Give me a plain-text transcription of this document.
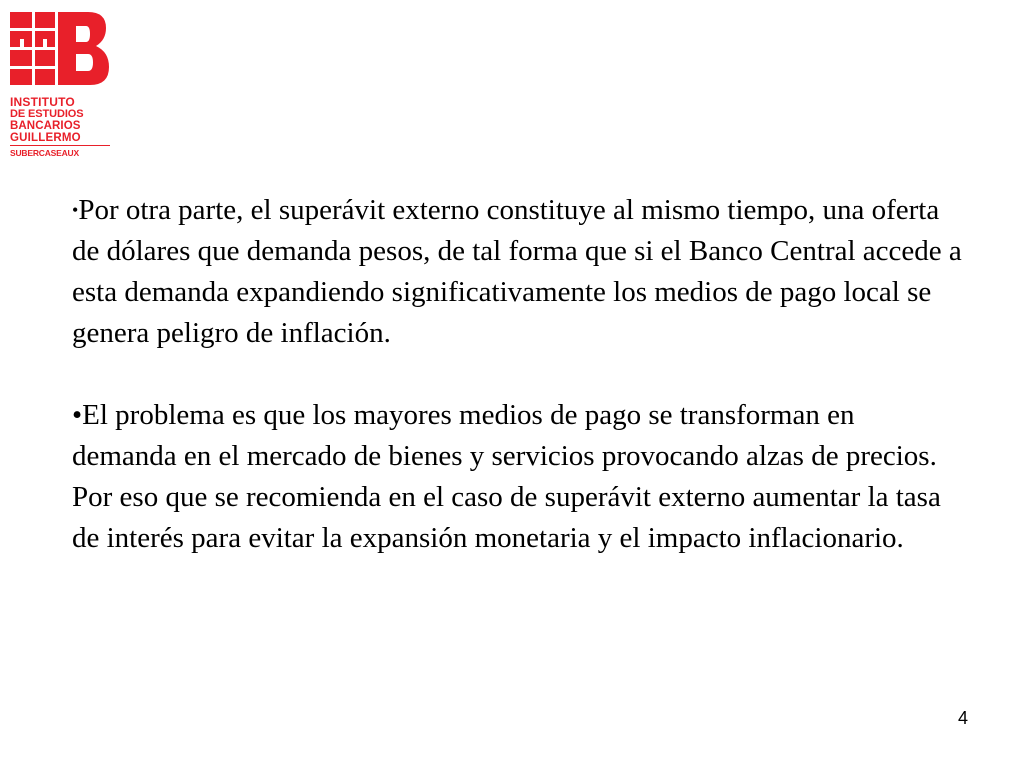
INSTITUTO
DE ESTUDIOS
BANCARIOS
GUILLERMO
SUBERCASEAUX

•Por otra parte, el superávit externo constituye al mismo tiempo, una oferta de dólares que demanda pesos, de tal forma que si el Banco Central accede a esta demanda expandiendo significativamente los medios de pago local se genera peligro de inflación.

•El problema es que los mayores medios de pago se transforman en demanda en el mercado de bienes y servicios provocando alzas de precios. Por eso que se recomienda en el caso de superávit externo aumentar la tasa de interés para evitar la expansión monetaria y el impacto inflacionario.

4
